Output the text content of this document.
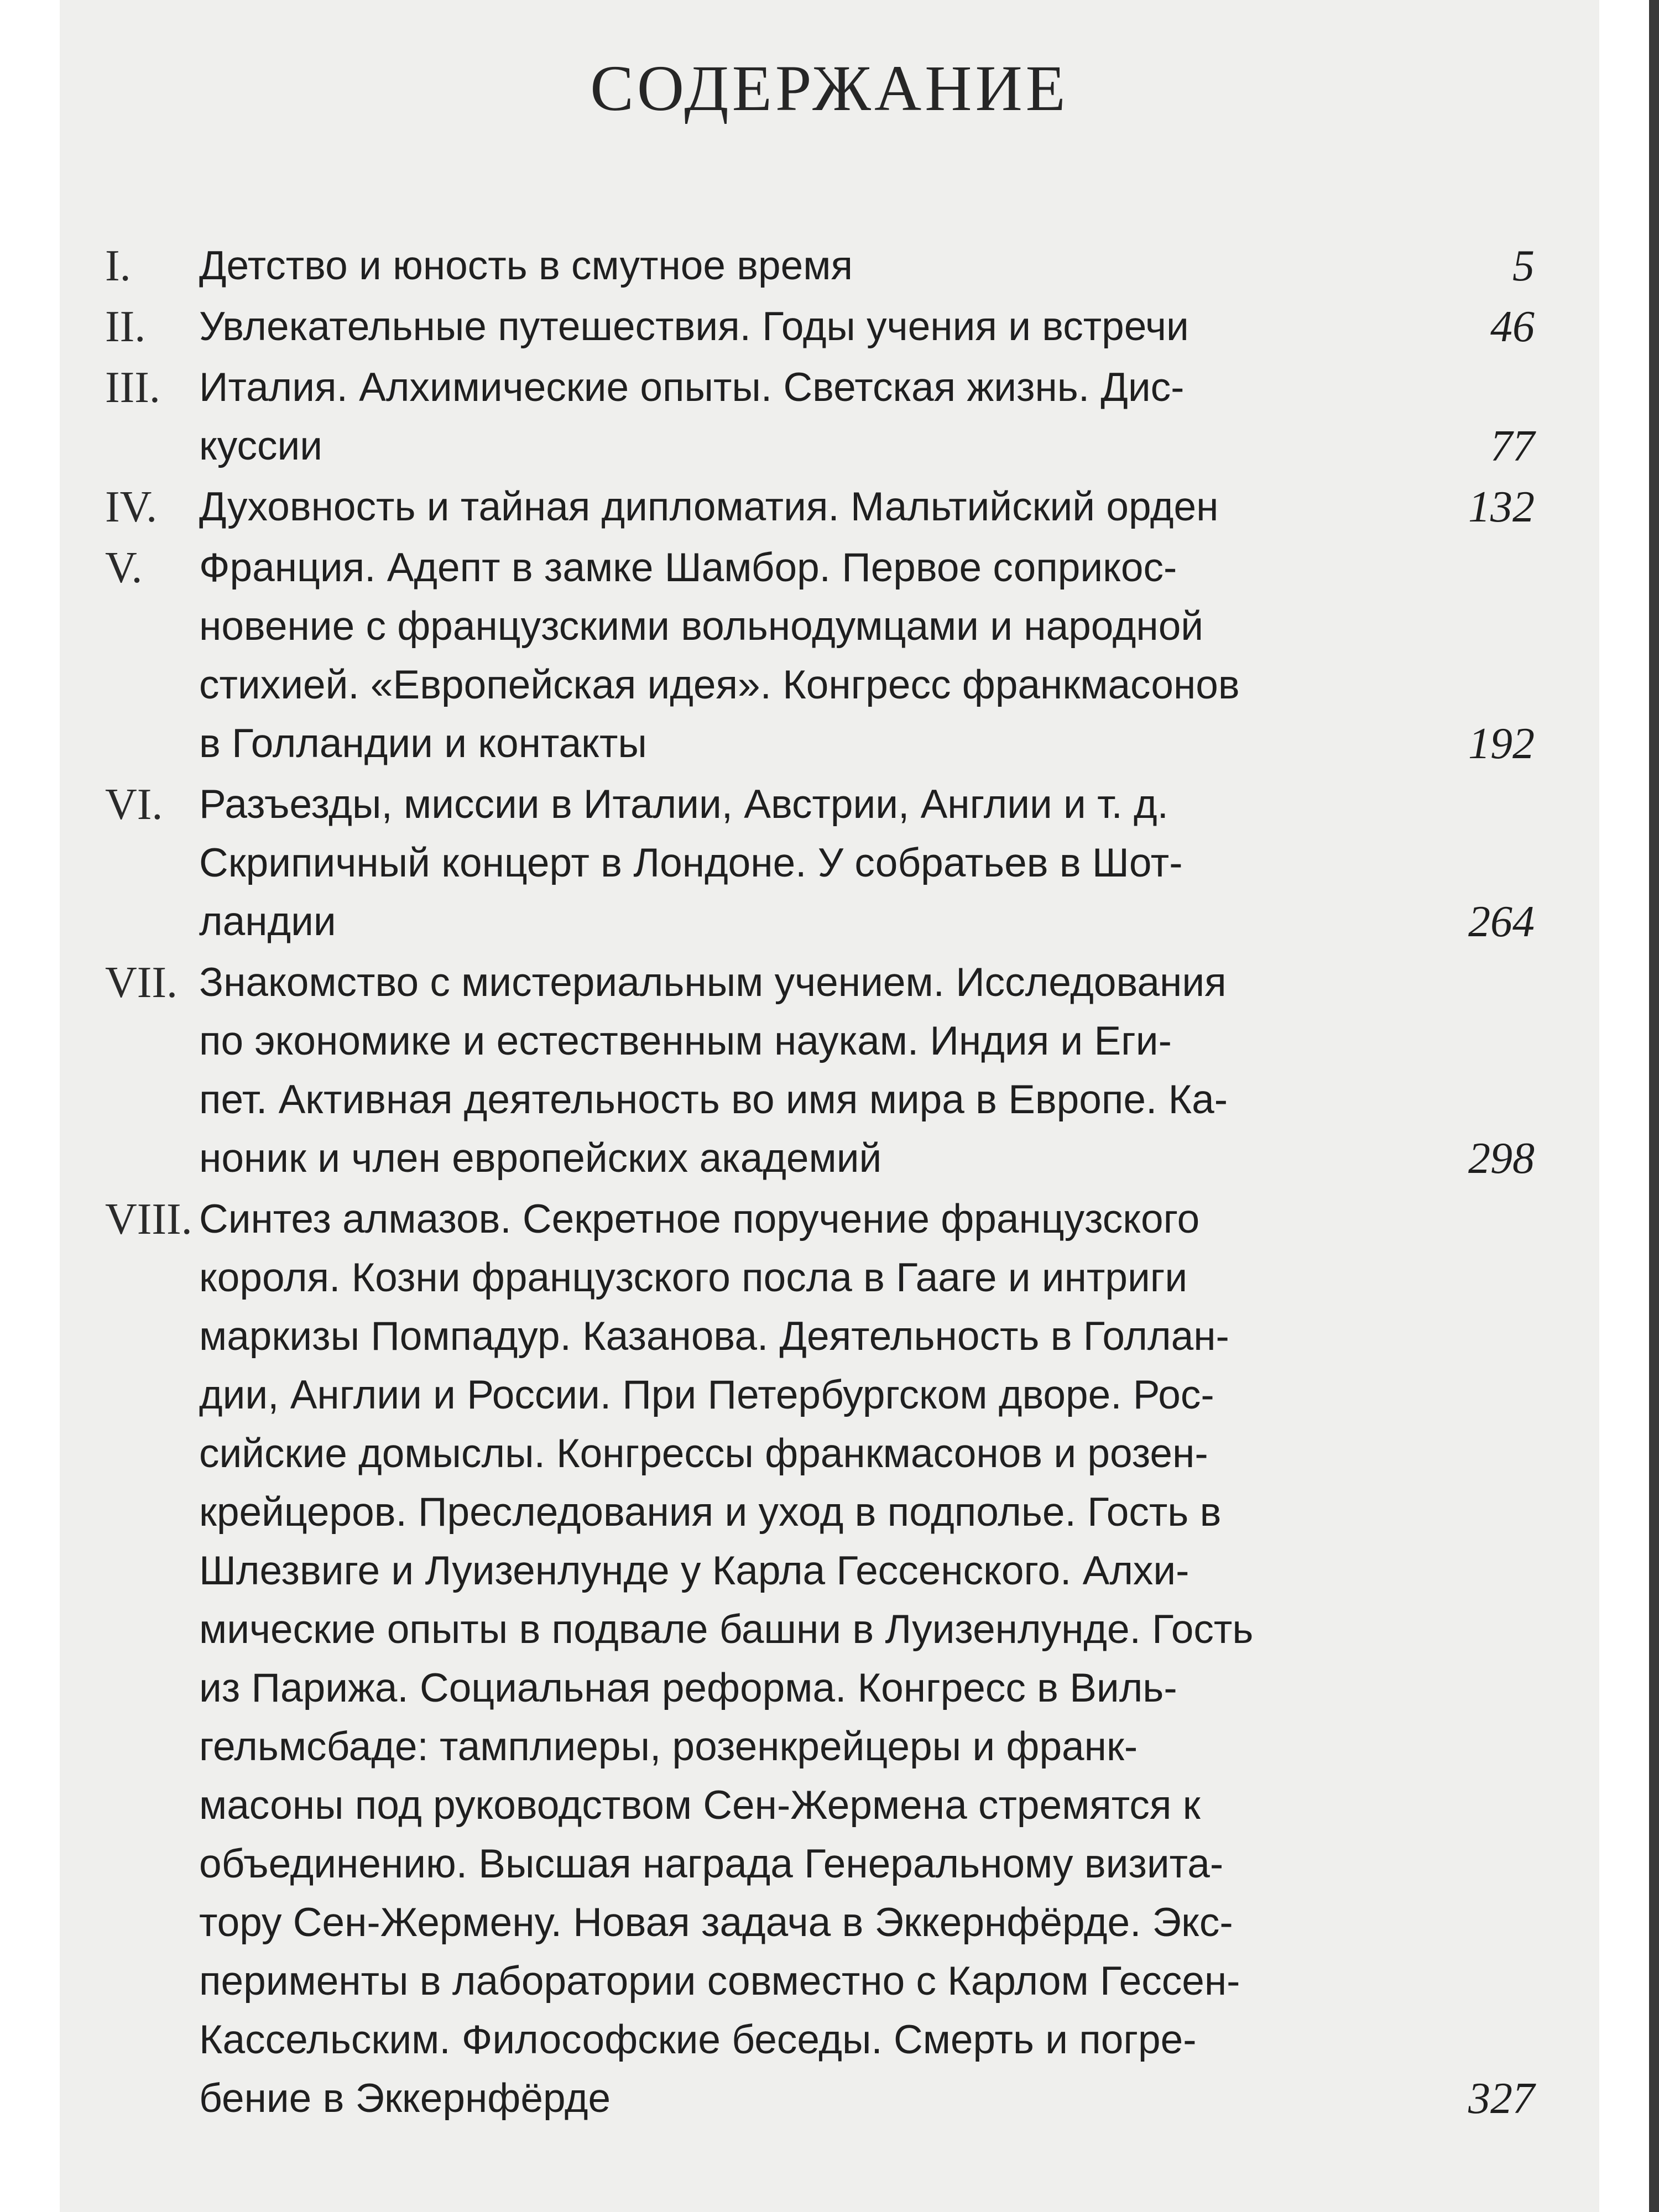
СОДЕРЖАНИЕ
I. Детство и юность в смутное время	5
II. Увлекательные путешествия. Годы учения и встречи	46
III. Италия. Алхимические опыты. Светская жизнь. Дис-
куссии	77
IV. Духовность и тайная дипломатия. Мальтийский орден	132
V. Франция. Адепт в замке Шамбор. Первое соприкос-
новение с французскими вольнодумцами и народной
стихией. «Европейская идея». Конгресс франкмасонов
в Голландии и контакты	192
VI. Разъезды, миссии в Италии, Австрии, Англии и т. д.
Скрипичный концерт в Лондоне. У собратьев в Шот-
ландии	264
VII. Знакомство с мистериальным учением. Исследования
по экономике и естественным наукам. Индия и Еги-
пет. Активная деятельность во имя мира в Европе. Ка-
ноник и член европейских академий	298
VIII. Синтез алмазов. Секретное поручение французского
короля. Козни французского посла в Гааге и интриги
маркизы Помпадур. Казанова. Деятельность в Голлан-
дии, Англии и России. При Петербургском дворе. Рос-
сийские домыслы. Конгрессы франкмасонов и розен-
крейцеров. Преследования и уход в подполье. Гость в
Шлезвиге и Луизенлунде у Карла Гессенского. Алхи-
мические опыты в подвале башни в Луизенлунде. Гость
из Парижа. Социальная реформа. Конгресс в Виль-
гельмсбаде: тамплиеры, розенкрейцеры и франк-
масоны под руководством Сен-Жермена стремятся к
объединению. Высшая награда Генеральному визита-
тору Сен-Жермену. Новая задача в Эккернфёрде. Экс-
перименты в лаборатории совместно с Карлом Гессен-
Кассельским. Философские беседы. Смерть и погре-
бение в Эккернфёрде	327
